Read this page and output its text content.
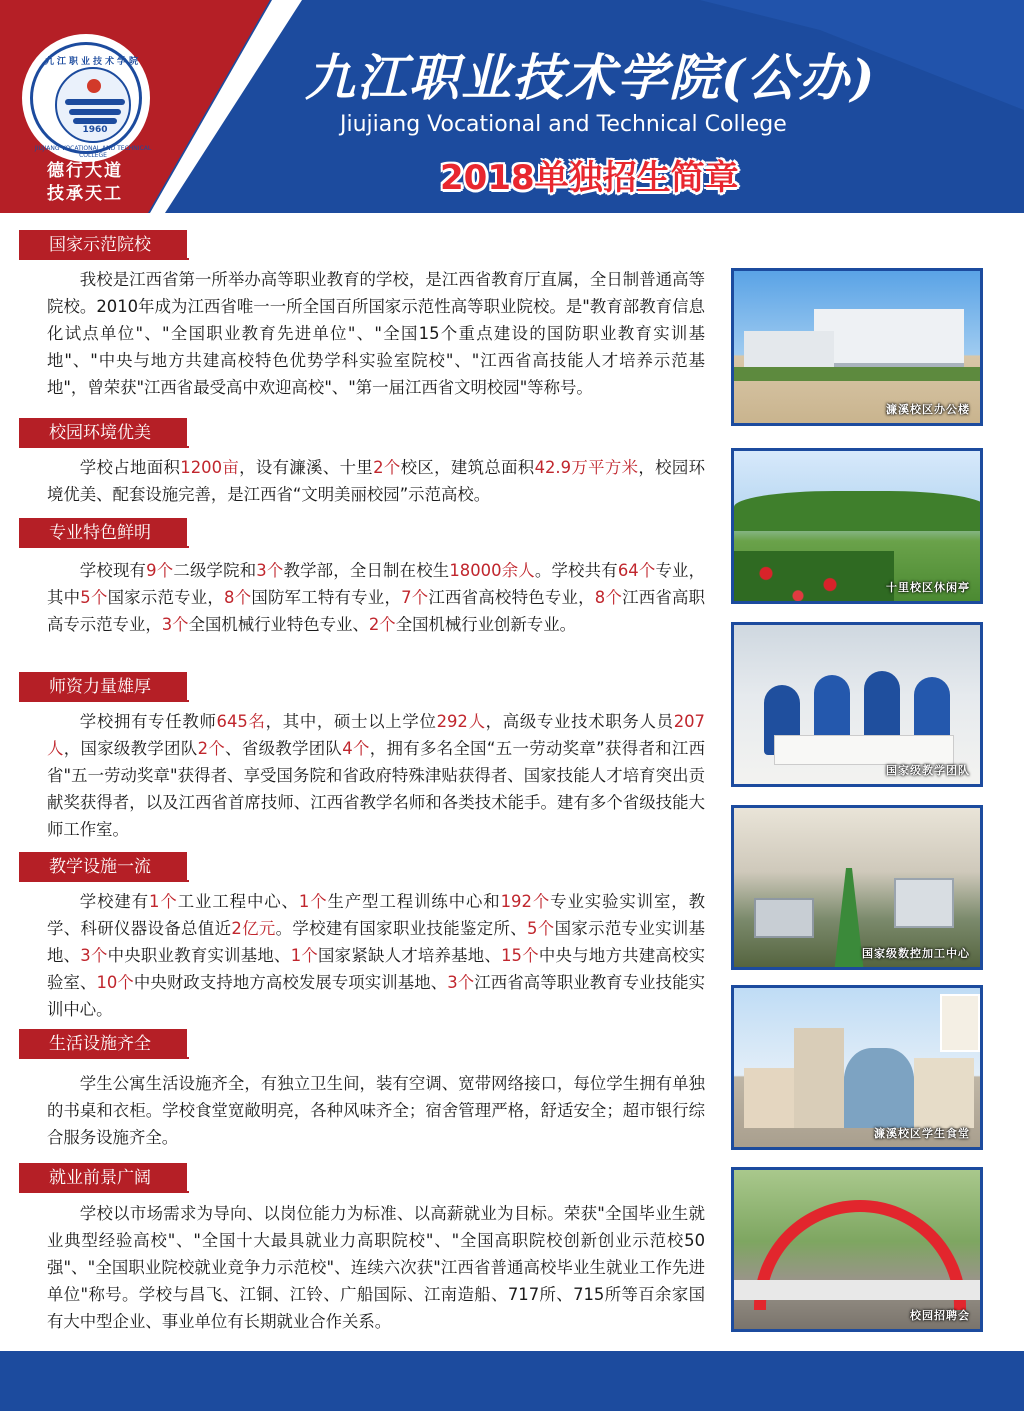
九江职业技术学院
1960
JIUJIANG VOCATIONAL AND TECHNICAL COLLEGE
德行大道
技承天工
九江职业技术学院(公办)
Jiujiang Vocational and Technical College
2018单独招生简章
国家示范院校

我校是江西省第一所举办高等职业教育的学校，是江西省教育厅直属，全日制普通高等院校。2010年成为江西省唯一一所全国百所国家示范性高等职业院校。是"教育部教育信息化试点单位"、"全国职业教育先进单位"、"全国15个重点建设的国防职业教育实训基地"、"中央与地方共建高校特色优势学科实验室院校"、"江西省高技能人才培养示范基地"，曾荣获"江西省最受高中欢迎高校"、"第一届江西省文明校园"等称号。

校园环境优美

学校占地面积1200亩，设有濂溪、十里2个校区，建筑总面积42.9万平方米，校园环境优美、配套设施完善，是江西省“文明美丽校园”示范高校。

专业特色鲜明

学校现有9个二级学院和3个教学部，全日制在校生18000余人。学校共有64个专业，其中5个国家示范专业，8个国防军工特有专业，7个江西省高校特色专业，8个江西省高职高专示范专业，3个全国机械行业特色专业、2个全国机械行业创新专业。

师资力量雄厚

学校拥有专任教师645名，其中，硕士以上学位292人，高级专业技术职务人员207人，国家级教学团队2个、省级教学团队4个，拥有多名全国“五一劳动奖章”获得者和江西省"五一劳动奖章"获得者、享受国务院和省政府特殊津贴获得者、国家技能人才培育突出贡献奖获得者，以及江西省首席技师、江西省教学名师和各类技术能手。建有多个省级技能大师工作室。

教学设施一流

学校建有1个工业工程中心、1个生产型工程训练中心和192个专业实验实训室，教学、科研仪器设备总值近2亿元。学校建有国家职业技能鉴定所、5个国家示范专业实训基地、3个中央职业教育实训基地、1个国家紧缺人才培养基地、15个中央与地方共建高校实验室、10个中央财政支持地方高校发展专项实训基地、3个江西省高等职业教育专业技能实训中心。

生活设施齐全

学生公寓生活设施齐全，有独立卫生间，装有空调、宽带网络接口，每位学生拥有单独的书桌和衣柜。学校食堂宽敞明亮，各种风味齐全；宿舍管理严格，舒适安全；超市银行综合服务设施齐全。

就业前景广阔

学校以市场需求为导向、以岗位能力为标准、以高薪就业为目标。荣获"全国毕业生就业典型经验高校"、"全国十大最具就业力高职院校"、"全国高职院校创新创业示范校50强"、"全国职业院校就业竞争力示范校"、连续六次获"江西省普通高校毕业生就业工作先进单位"称号。学校与昌飞、江铜、江铃、广船国际、江南造船、717所、715所等百余家国有大中型企业、事业单位有长期就业合作关系。

濂溪校区办公楼
十里校区休闲亭
国家级教学团队
国家级数控加工中心
濂溪校区学生食堂
校园招聘会
